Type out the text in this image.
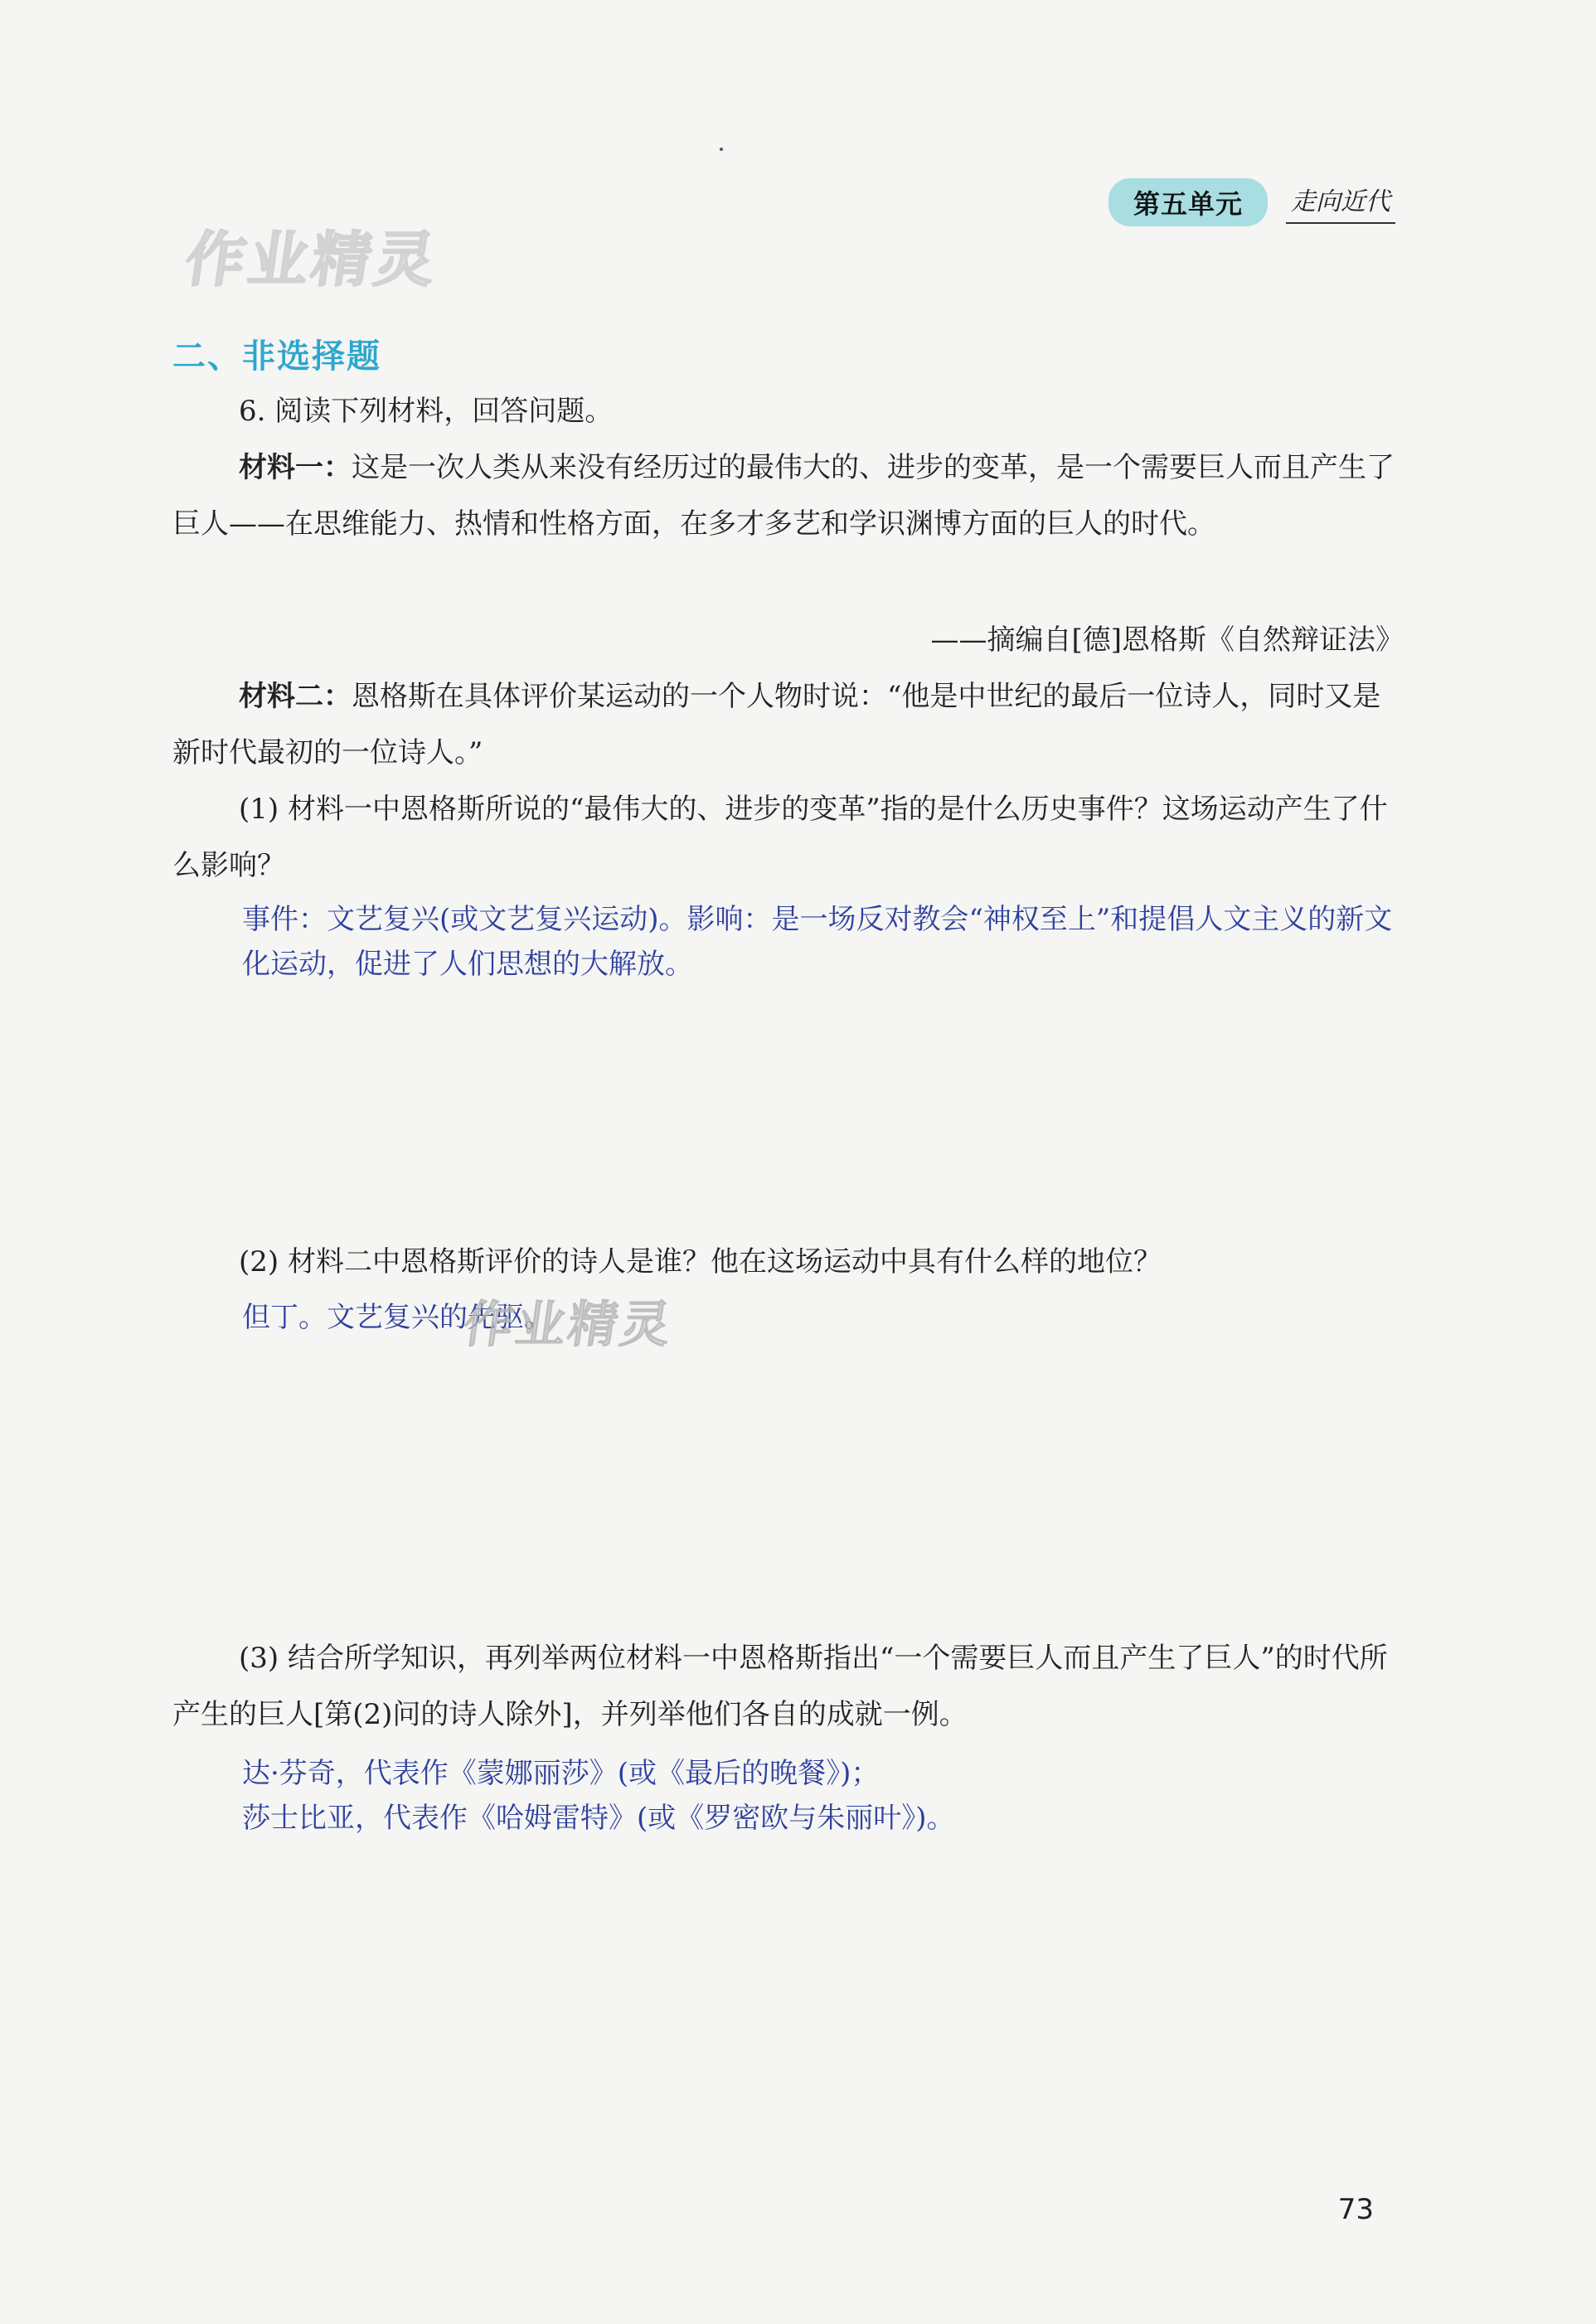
第五单元	走向近代
作业精灵
二、非选择题
6. 阅读下列材料，回答问题。
材料一：这是一次人类从来没有经历过的最伟大的、进步的变革，是一个需要巨人而且产生了巨人——在思维能力、热情和性格方面，在多才多艺和学识渊博方面的巨人的时代。
——摘编自[德]恩格斯《自然辩证法》
材料二：恩格斯在具体评价某运动的一个人物时说：“他是中世纪的最后一位诗人，同时又是新时代最初的一位诗人。”
(1) 材料一中恩格斯所说的“最伟大的、进步的变革”指的是什么历史事件？这场运动产生了什么影响？
事件：文艺复兴(或文艺复兴运动)。影响：是一场反对教会“神权至上”和提倡人文主义的新文化运动，促进了人们思想的大解放。
(2) 材料二中恩格斯评价的诗人是谁？他在这场运动中具有什么样的地位？
但丁。文艺复兴的先驱。
作业精灵
(3) 结合所学知识，再列举两位材料一中恩格斯指出“一个需要巨人而且产生了巨人”的时代所产生的巨人[第(2)问的诗人除外]，并列举他们各自的成就一例。
达·芬奇，代表作《蒙娜丽莎》(或《最后的晚餐》)；
莎士比亚，代表作《哈姆雷特》(或《罗密欧与朱丽叶》)。
73
